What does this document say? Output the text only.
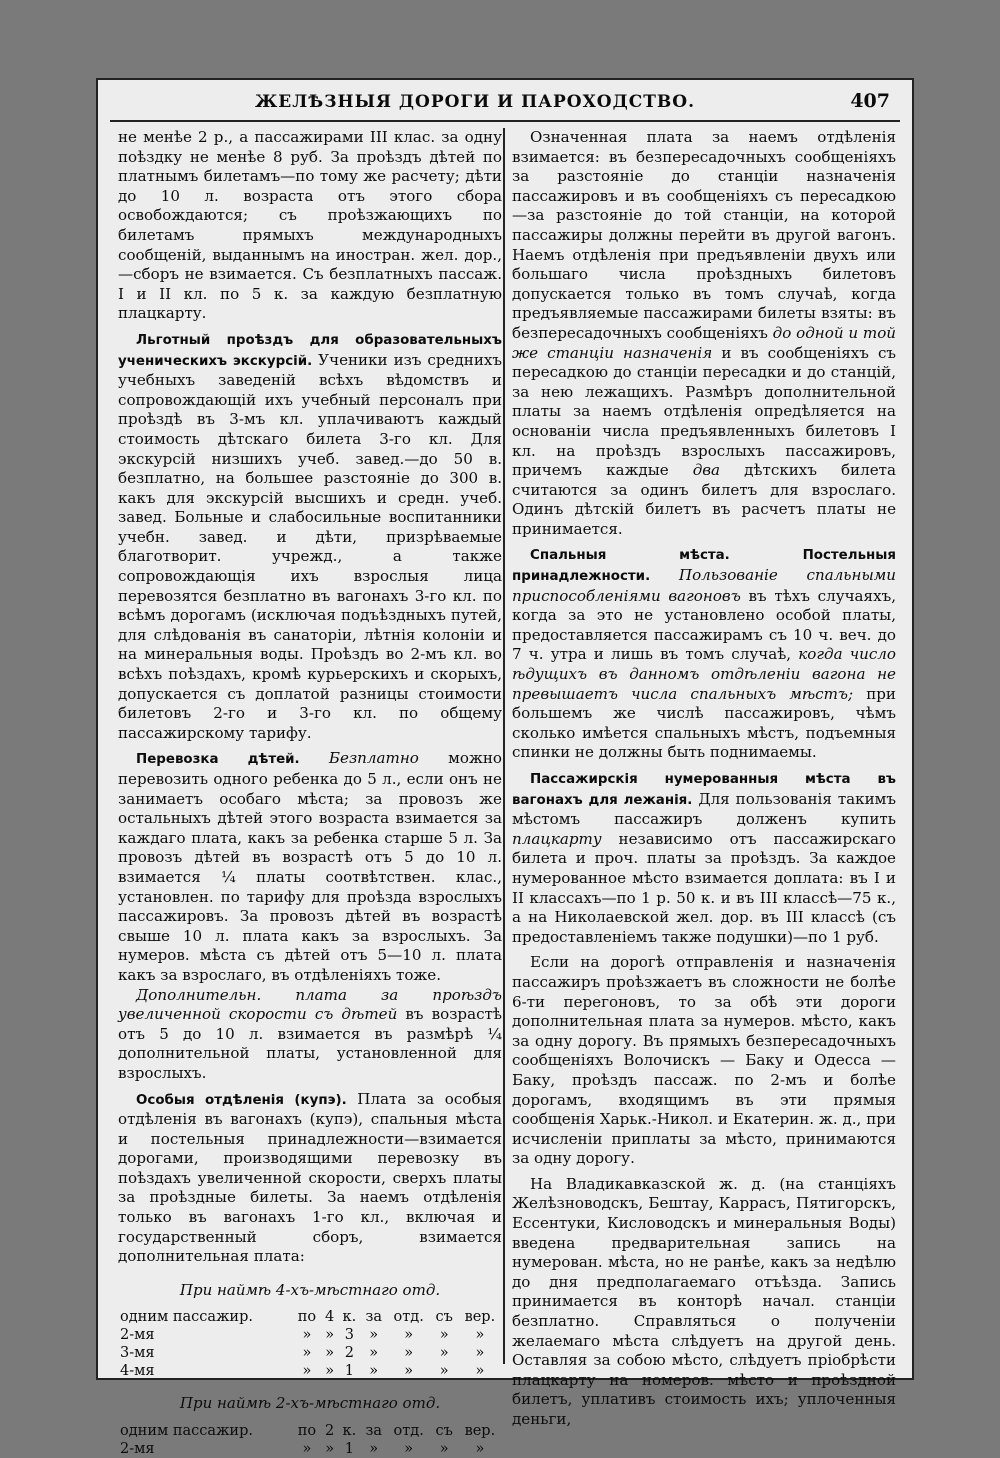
ЖЕЛѢЗНЫЯ ДОРОГИ И ПАРОХОДСТВО.	407

не менѣе 2 р., а пассажирами III клас. за одну поѣздку не менѣе 8 руб. За проѣздъ дѣтей по платнымъ билетамъ—по тому же расчету; дѣти до 10 л. возраста отъ этого сбора освобождаются; съ проѣзжающихъ по билетамъ прямыхъ международныхъ сообщеній, выданнымъ на иностран. жел. дор.,—сборъ не взимается. Съ безплатныхъ пассаж. I и II кл. по 5 к. за каждую безплатную плацкарту.

Льготный проѣздъ для образовательныхъ ученическихъ экскурсій. Ученики изъ среднихъ учебныхъ заведеній всѣхъ вѣдомствъ и сопровождающій ихъ учебный персоналъ при проѣздѣ въ 3-мъ кл. уплачиваютъ каждый стоимость дѣтскаго билета 3-го кл. Для экскурсій низшихъ учеб. завед.—до 50 в. безплатно, на большее разстояніе до 300 в. какъ для экскурсій высшихъ и средн. учеб. завед. Больные и слабосильные воспитанники учебн. завед. и дѣти, призрѣваемые благотворит. учрежд., а также сопровождающія ихъ взрослыя лица перевозятся безплатно въ вагонахъ 3-го кл. по всѣмъ дорогамъ (исключая подъѣздныхъ путей, для слѣдованія въ санаторіи, лѣтнія колоніи и на минеральныя воды. Проѣздъ во 2-мъ кл. во всѣхъ поѣздахъ, кромѣ курьерскихъ и скорыхъ, допускается съ доплатой разницы стоимости билетовъ 2-го и 3-го кл. по общему пассажирскому тарифу.

Перевозка дѣтей. Безплатно можно перевозить одного ребенка до 5 л., если онъ не занимаетъ особаго мѣста; за провозъ же остальныхъ дѣтей этого возраста взимается за каждаго плата, какъ за ребенка старше 5 л. За провозъ дѣтей въ возрастѣ отъ 5 до 10 л. взимается ¼ платы соотвѣтствен. клас., установлен. по тарифу для проѣзда взрослыхъ пассажировъ. За провозъ дѣтей въ возрастѣ свыше 10 л. плата какъ за взрослыхъ. За нумеров. мѣста съ дѣтей отъ 5—10 л. плата какъ за взрослаго, въ отдѣленіяхъ тоже.

Дополнительн. плата за проѣздъ увеличенной скорости съ дѣтей въ возрастѣ отъ 5 до 10 л. взимается въ размѣрѣ ¼ дополнительной платы, установленной для взрослыхъ.

Особыя отдѣленія (купэ). Плата за особыя отдѣленія въ вагонахъ (купэ), спальныя мѣста и постельныя принадлежности—взимается дорогами, производящими перевозку въ поѣздахъ увеличенной скорости, сверхъ платы за проѣздные билеты. За наемъ отдѣленія только въ вагонахъ 1-го кл., включая и государственный сборъ, взимается дополнительная плата:

При наймѣ 4-хъ-мѣстнаго отд.
одним пассажир.	по	4	к.	за	отд.	съ	вер.
2-мя	»	»	3	»	»	»	»
3-мя	»	»	2	»	»	»	»
4-мя	»	»	1	»	»	»	»
При наймѣ 2-хъ-мѣстнаго отд.
одним пассажир.	по	2	к.	за	отд.	съ	вер.
2-мя	»	»	1	»	»	»	»

Означенная плата за наемъ отдѣленія взимается: въ безпересадочныхъ сообщеніяхъ за разстояніе до станціи назначенія пассажировъ и въ сообщеніяхъ съ пересадкою—за разстояніе до той станціи, на которой пассажиры должны перейти въ другой вагонъ. Наемъ отдѣленія при предъявленіи двухъ или большаго числа проѣздныхъ билетовъ допускается только въ томъ случаѣ, когда предъявляемые пассажирами билеты взяты: въ безпересадочныхъ сообщеніяхъ до одной и той же станціи назначенія и въ сообщеніяхъ съ пересадкою до станціи пересадки и до станцій, за нею лежащихъ. Размѣръ дополнительной платы за наемъ отдѣленія опредѣляется на основаніи числа предъявленныхъ билетовъ I кл. на проѣздъ взрослыхъ пассажировъ, причемъ каждые два дѣтскихъ билета считаются за одинъ билетъ для взрослаго. Одинъ дѣтскій билетъ въ расчетъ платы не принимается.

Спальныя мѣста. Постельныя принадлежности. Пользованіе спальными приспособленіями вагоновъ въ тѣхъ случаяхъ, когда за это не установлено особой платы, предоставляется пассажирамъ съ 10 ч. веч. до 7 ч. утра и лишь въ томъ случаѣ, когда число ѣдущихъ въ данномъ отдѣленіи вагона не превышаетъ числа спальныхъ мѣстъ; при большемъ же числѣ пассажировъ, чѣмъ сколько имѣется спальныхъ мѣстъ, подъемныя спинки не должны быть поднимаемы.

Пассажирскія нумерованныя мѣста въ вагонахъ для лежанія. Для пользованія такимъ мѣстомъ пассажиръ долженъ купить плацкарту независимо отъ пассажирскаго билета и проч. платы за проѣздъ. За каждое нумерованное мѣсто взимается доплата: въ I и II классахъ—по 1 р. 50 к. и въ III классѣ—75 к., а на Николаевской жел. дор. въ III классѣ (съ предоставленіемъ также подушки)—по 1 руб.

Если на дорогѣ отправленія и назначенія пассажиръ проѣзжаетъ въ сложности не болѣе 6-ти перегоновъ, то за обѣ эти дороги дополнительная плата за нумеров. мѣсто, какъ за одну дорогу. Въ прямыхъ безпересадочныхъ сообщеніяхъ Волочискъ — Баку и Одесса — Баку, проѣздъ пассаж. по 2-мъ и болѣе дорогамъ, входящимъ въ эти прямыя сообщенія Харьк.-Никол. и Екатерин. ж. д., при исчисленіи приплаты за мѣсто, принимаются за одну дорогу.

На Владикавказской ж. д. (на станціяхъ Желѣзноводскъ, Бештау, Каррасъ, Пятигорскъ, Ессентуки, Кисловодскъ и минеральныя Воды) введена предварительная запись на нумерован. мѣста, но не ранѣе, какъ за недѣлю до дня предполагаемаго отъѣзда. Запись принимается въ конторѣ начал. станціи безплатно. Справляться о полученіи желаемаго мѣста слѣдуетъ на другой день. Оставляя за собою мѣсто, слѣдуетъ пріобрѣсти плацкарту на номеров. мѣсто и проѣздной билетъ, уплативъ стоимость ихъ; уплоченныя деньги,
